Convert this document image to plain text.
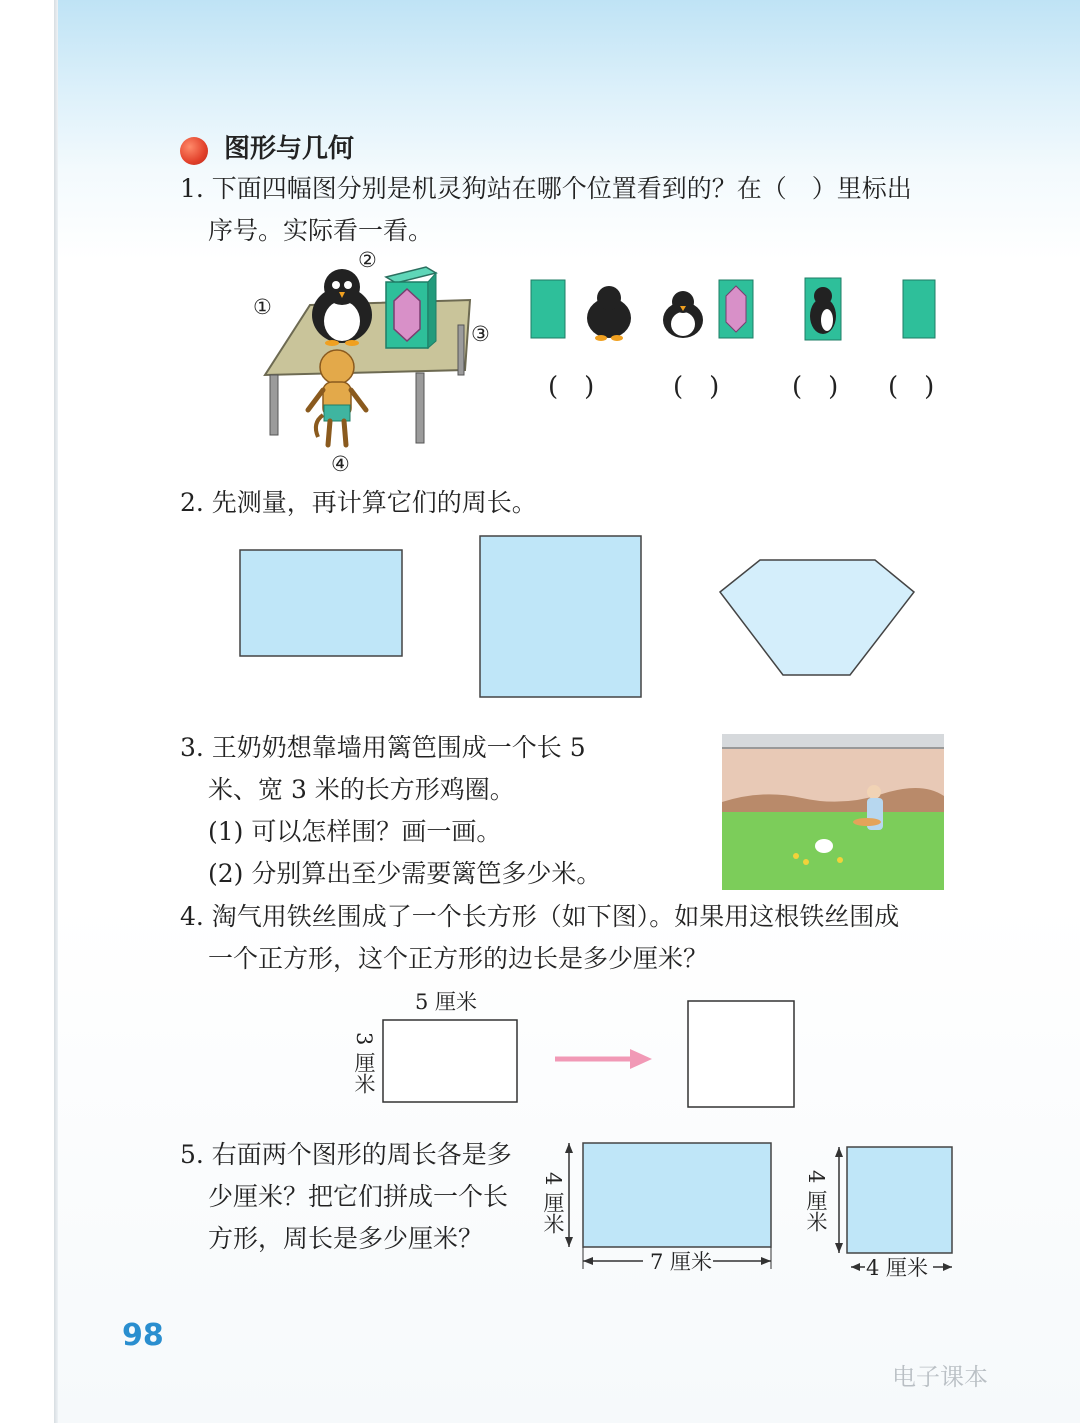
图形与几何
1. 下面四幅图分别是机灵狗站在哪个位置看到的？在（　）里标出
序号。实际看一看。
①
②
③
④
(　)	(　)	(　) (　)
2. 先测量，再计算它们的周长。
3. 王奶奶想靠墙用篱笆围成一个长 5
米、宽 3 米的长方形鸡圈。
(1) 可以怎样围？画一画。
(2) 分别算出至少需要篱笆多少米。
4. 淘气用铁丝围成了一个长方形（如下图）。如果用这根铁丝围成
一个正方形，这个正方形的边长是多少厘米？
5 厘米
3 厘米
5. 右面两个图形的周长各是多
少厘米？把它们拼成一个长
方形，周长是多少厘米？
4 厘米
7 厘米
4 厘米
4 厘米
98
电子课本
